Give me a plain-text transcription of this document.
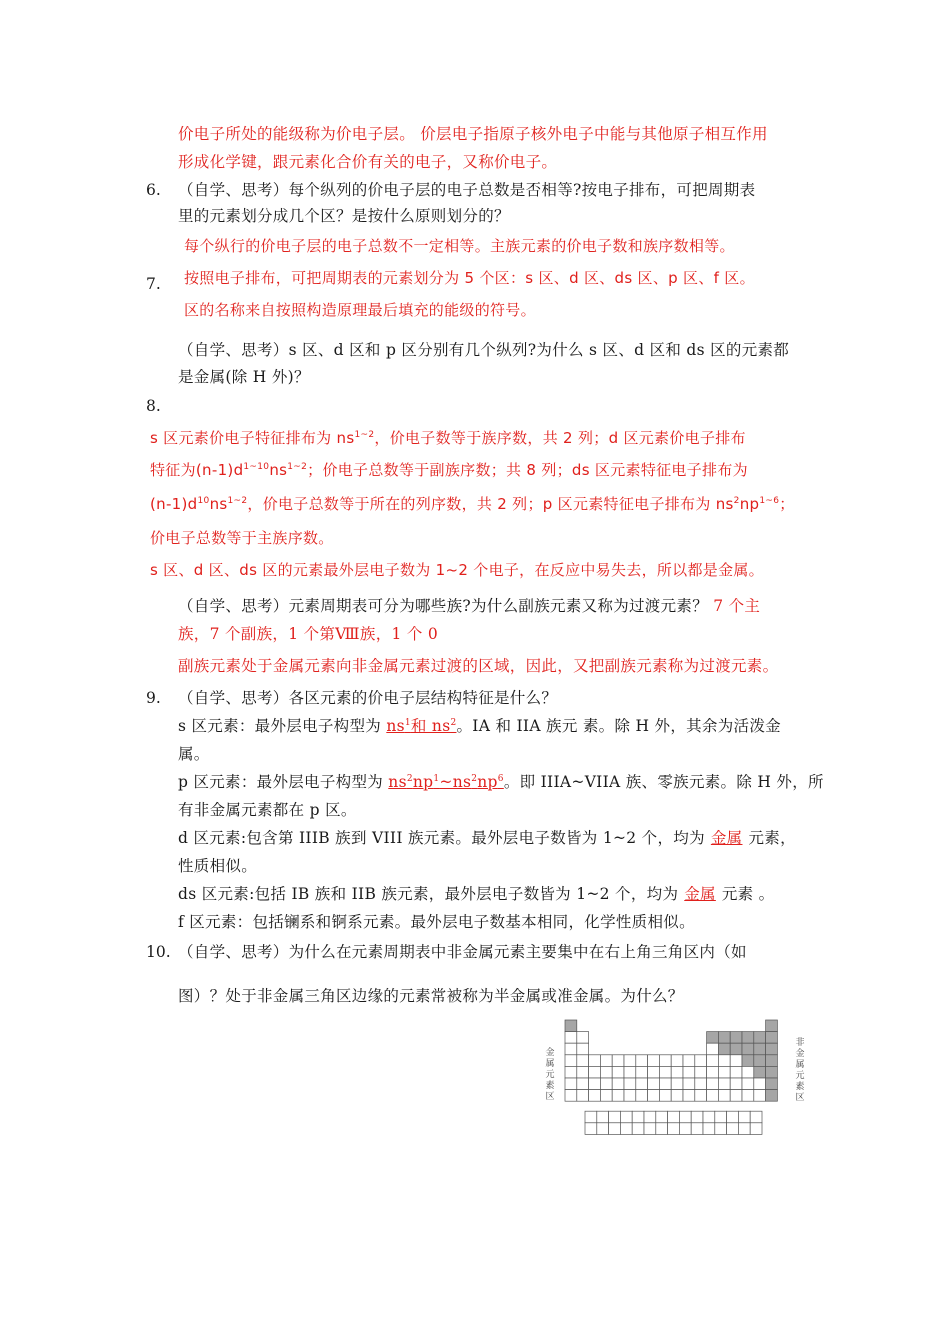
价电子所处的能级称为价电子层。 价层电子指原子核外电子中能与其他原子相互作用
形成化学键，跟元素化合价有关的电子，又称价电子。
6. （自学、思考）每个纵列的价电子层的电子总数是否相等?按电子排布，可把周期表
里的元素划分成几个区？是按什么原则划分的？
每个纵行的价电子层的电子总数不一定相等。主族元素的价电子数和族序数相等。
7. 按照电子排布，可把周期表的元素划分为 5 个区：s 区、d 区、ds 区、p 区、f 区。
区的名称来自按照构造原理最后填充的能级的符号。
（自学、思考）s 区、d 区和 p 区分别有几个纵列?为什么 s 区、d 区和 ds 区的元素都
是金属(除 H 外)？
8.
s 区元素价电子特征排布为 $ns^{1\sim 2}$，价电子数等于族序数，共 2 列；d 区元素价电子排布
特征为$(n-1)d^{1\sim 10}ns^{1\sim 2}$；价电子总数等于副族序数；共 8 列；ds 区元素特征电子排布为
$(n-1)d^{10}ns^{1\sim 2}$，价电子总数等于所在的列序数，共 2 列；p 区元素特征电子排布为 $ns^2np^{1\sim 6}$；
价电子总数等于主族序数。
s 区、d 区、ds 区的元素最外层电子数为 1~2 个电子，在反应中易失去，所以都是金属。
（自学、思考）元素周期表可分为哪些族?为什么副族元素又称为过渡元素？ 7 个主
族，7 个副族，1 个第Ⅷ族，1 个 0
副族元素处于金属元素向非金属元素过渡的区域，因此，又把副族元素称为过渡元素。
9. （自学、思考）各区元素的价电子层结构特征是什么？
s 区元素：最外层电子构型为 $ns^1$和 $ns^2$。IA 和 IIA 族元 素。除 H 外，其余为活泼金
属。
p 区元素：最外层电子构型为 $ns^2np^1\sim ns^2np^6$。即 IIIA~VIIA 族、零族元素。除 H 外，所
有非金属元素都在 p 区。
d 区元素:包含第 IIIB 族到 VIII 族元素。最外层电子数皆为 1~2 个，均为 金属 元素，
性质相似。
ds 区元素:包括 IB 族和 IIB 族元素，最外层电子数皆为 1~2 个，均为 金属 元素 。
f 区元素：包括镧系和锕系元素。最外层电子数基本相同，化学性质相似。
10. （自学、思考）为什么在元素周期表中非金属元素主要集中在右上角三角区内（如
图）？处于非金属三角区边缘的元素常被称为半金属或准金属。为什么？
金
属
元
素
区
非
金
属
元
素
区
